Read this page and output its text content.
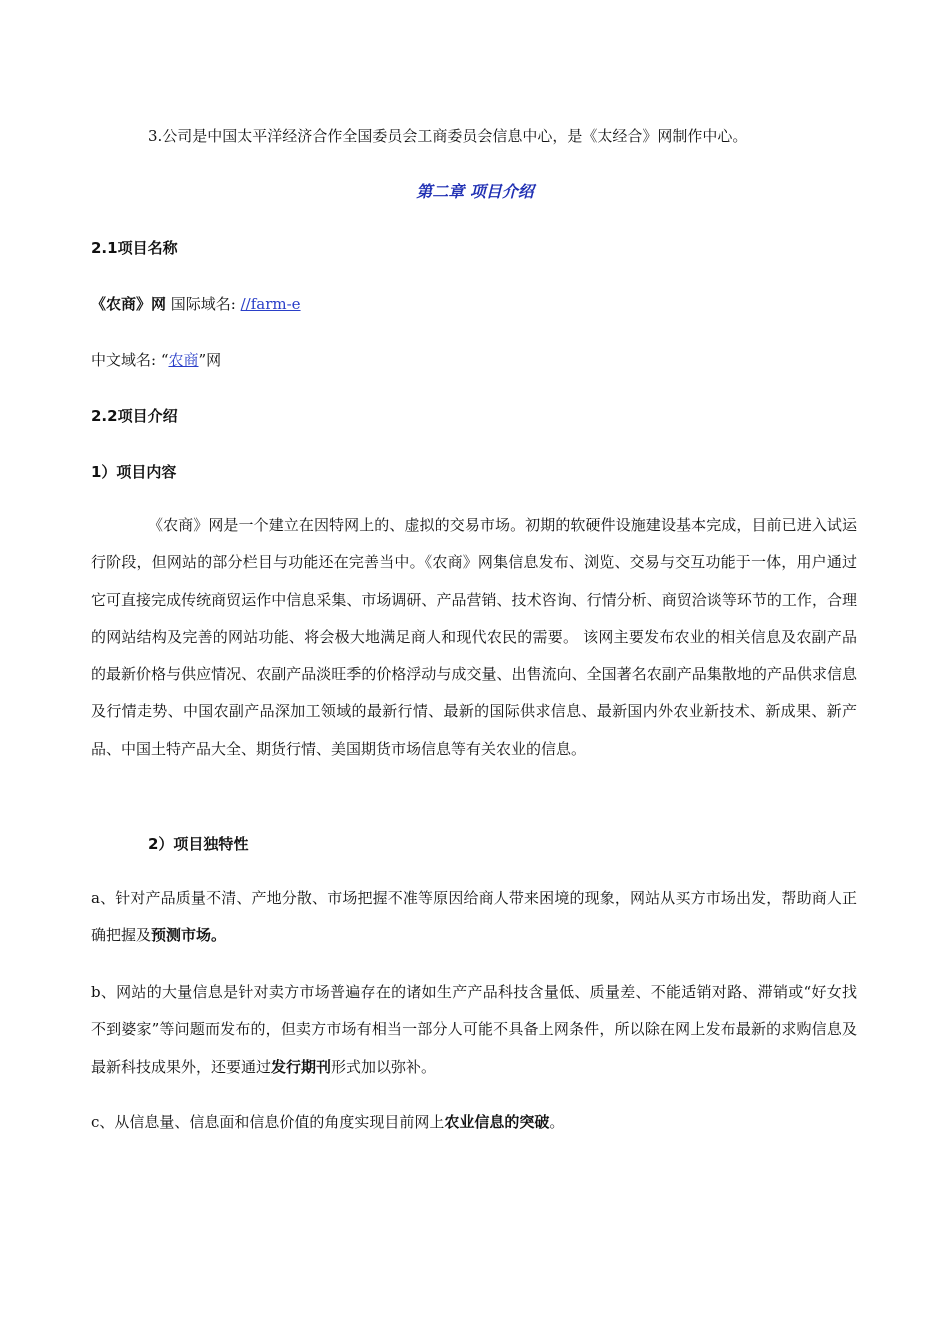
3.公司是中国太平洋经济合作全国委员会工商委员会信息中心，是《太经合》网制作中心。
第二章 项目介绍
2.1项目名称
《农商》网 国际域名: //farm-e
中文域名: “农商”网
2.2项目介绍
1）项目内容
《农商》网是一个建立在因特网上的、虚拟的交易市场。初期的软硬件设施建设基本完成，目前已进入试运行阶段，但网站的部分栏目与功能还在完善当中。《农商》网集信息发布、浏览、交易与交互功能于一体，用户通过它可直接完成传统商贸运作中信息采集、市场调研、产品营销、技术咨询、行情分析、商贸洽谈等环节的工作，合理的网站结构及完善的网站功能、将会极大地满足商人和现代农民的需要。 该网主要发布农业的相关信息及农副产品的最新价格与供应情况、农副产品淡旺季的价格浮动与成交量、出售流向、全国著名农副产品集散地的产品供求信息及行情走势、中国农副产品深加工领域的最新行情、最新的国际供求信息、最新国内外农业新技术、新成果、新产品、中国土特产品大全、期货行情、美国期货市场信息等有关农业的信息。
2）项目独特性
a、针对产品质量不清、产地分散、市场把握不准等原因给商人带来困境的现象，网站从买方市场出发，帮助商人正确把握及预测市场。
b、网站的大量信息是针对卖方市场普遍存在的诸如生产产品科技含量低、质量差、不能适销对路、滞销或“好女找不到婆家”等问题而发布的，但卖方市场有相当一部分人可能不具备上网条件，所以除在网上发布最新的求购信息及最新科技成果外，还要通过发行期刊形式加以弥补。
c、从信息量、信息面和信息价值的角度实现目前网上农业信息的突破。
